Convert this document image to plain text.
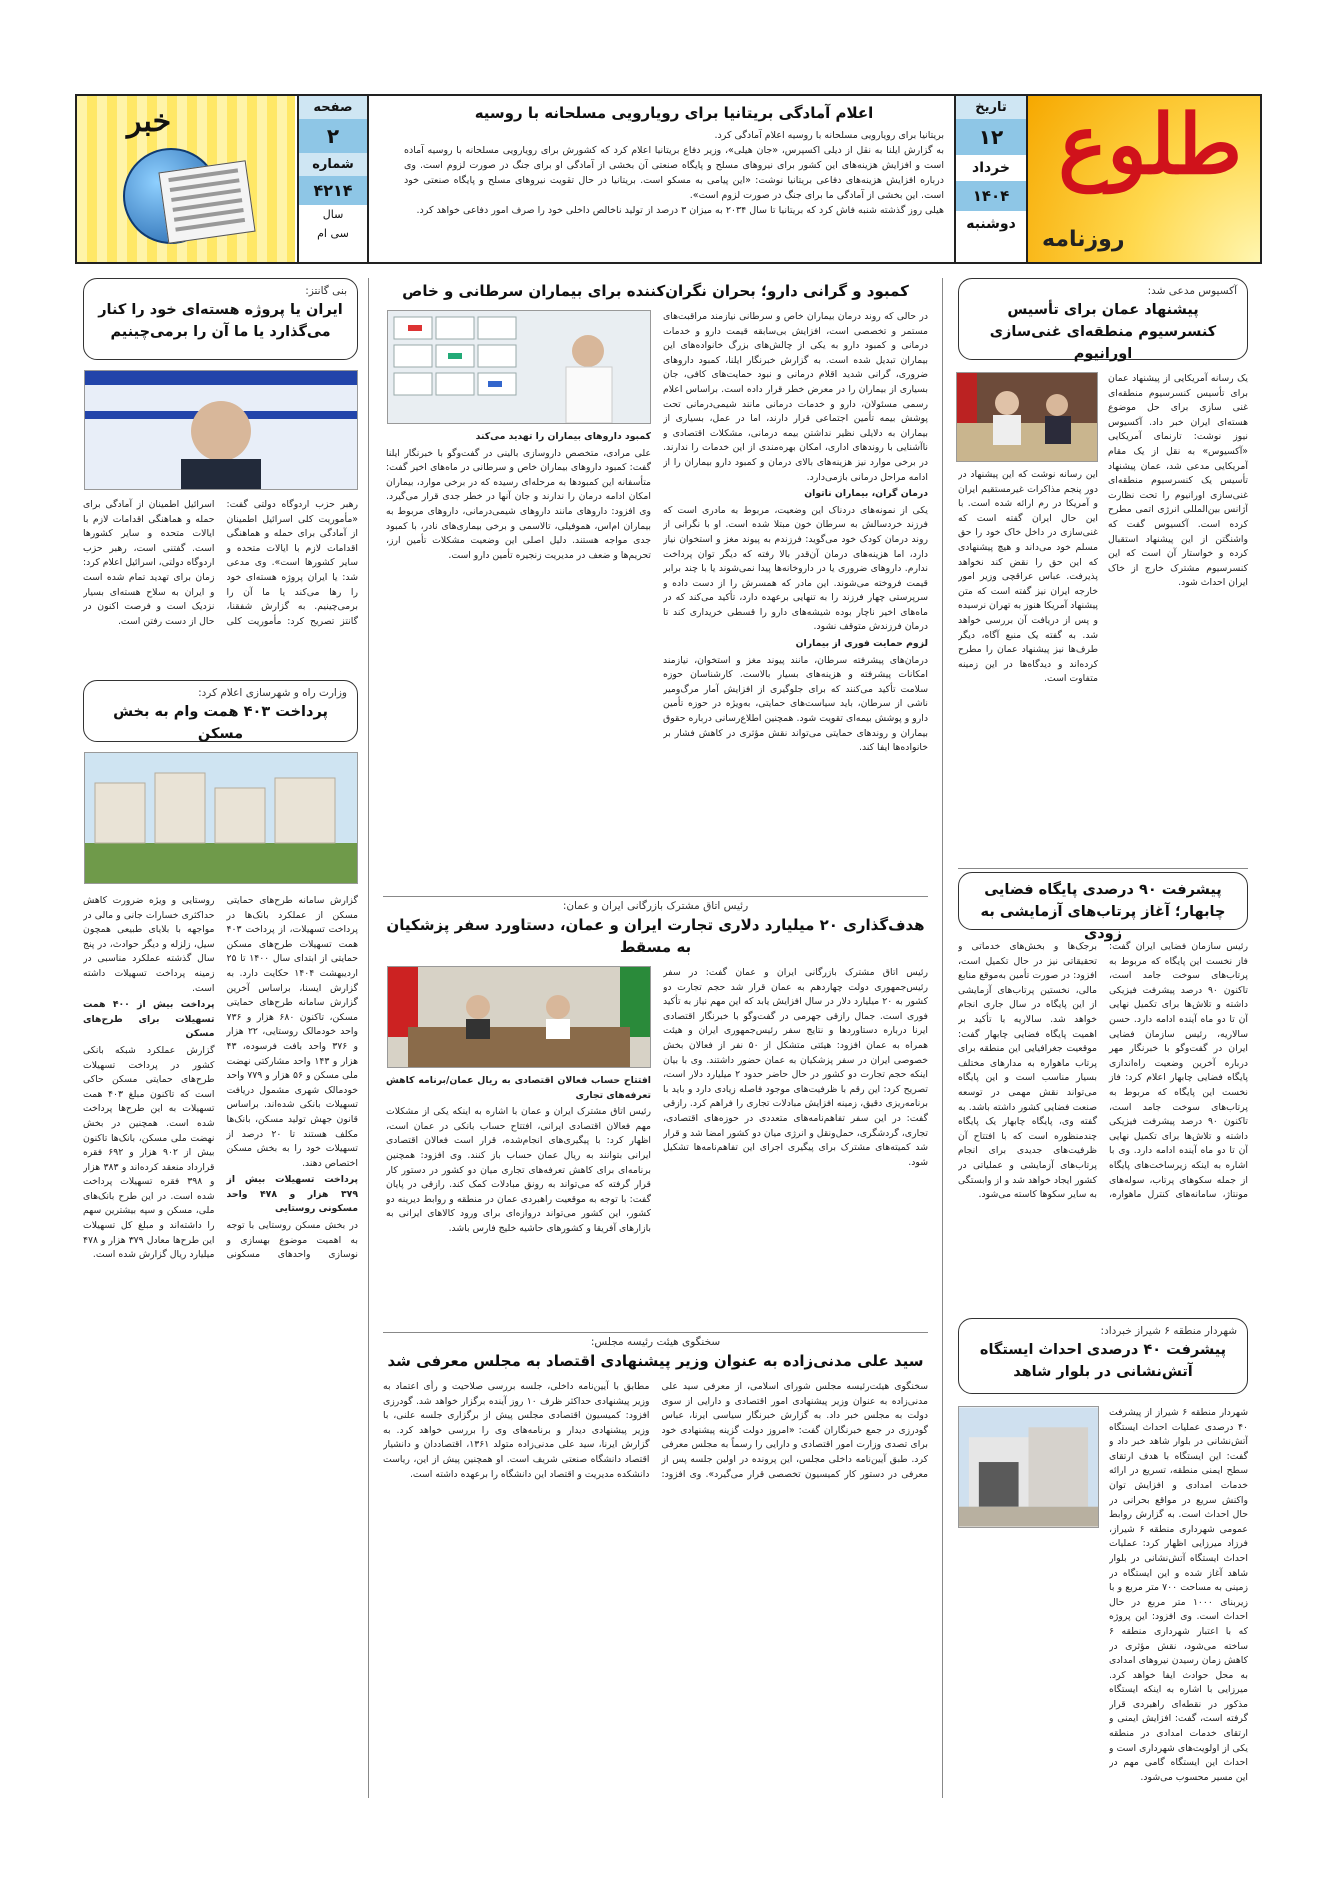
طلوع
روزنامه
تاریخ
۱۲
خرداد
۱۴۰۴
دوشنبه
اعلام آمادگی بریتانیا برای رویارویی مسلحانه با روسیه

بریتانیا برای رویارویی مسلحانه با روسیه اعلام آمادگی کرد.

به گزارش ایلنا به نقل از دیلی اکسپرس، «جان هیلی»، وزیر دفاع بریتانیا اعلام کرد که کشورش برای رویارویی مسلحانه با روسیه آماده است و افزایش هزینه‌های این کشور برای نیروهای مسلح و پایگاه صنعتی آن بخشی از آمادگی او برای جنگ در صورت لزوم است. وی درباره افزایش هزینه‌های دفاعی بریتانیا نوشت: «این پیامی به مسکو است. بریتانیا در حال تقویت نیروهای مسلح و پایگاه صنعتی خود است. این بخشی از آمادگی ما برای جنگ در صورت لزوم است».

هیلی روز گذشته شنبه فاش کرد که بریتانیا تا سال ۲۰۳۴ به میزان ۳ درصد از تولید ناخالص داخلی خود را صرف امور دفاعی خواهد کرد.

صفحه
۲
شماره
۴۲۱۴
سال
سی ام
خبر
آکسیوس مدعی شد:
پیشنهاد عمان برای تأسیس کنسرسیوم منطقه‌ای غنی‌سازی اورانیوم
یک رسانه آمریکایی از پیشنهاد عمان برای تأسیس کنسرسیوم منطقه‌ای غنی سازی برای حل موضوع هسته‌ای ایران خبر داد. آکسیوس نیوز نوشت: تارنمای آمریکایی «آکسیوس» به نقل از یک مقام آمریکایی مدعی شد، عمان پیشنهاد تأسیس یک کنسرسیوم منطقه‌ای غنی‌سازی اورانیوم را تحت نظارت آژانس بین‌المللی انرژی اتمی مطرح کرده است. آکسیوس گفت که واشنگتن از این پیشنهاد استقبال کرده و خواستار آن است که این کنسرسیوم مشترک خارج از خاک ایران احداث شود.
این رسانه نوشت که این پیشنهاد در دور پنجم مذاکرات غیرمستقیم ایران و آمریکا در رم ارائه شده است. با این حال ایران گفته است که غنی‌سازی در داخل خاک خود را حق مسلم خود می‌داند و هیچ پیشنهادی که این حق را نقض کند نخواهد پذیرفت. عباس عراقچی وزیر امور خارجه ایران نیز گفته است که متن پیشنهاد آمریکا هنوز به تهران نرسیده و پس از دریافت آن بررسی خواهد شد. به گفته یک منبع آگاه، دیگر طرف‌ها نیز پیشنهاد عمان را مطرح کرده‌اند و دیدگاه‌ها در این زمینه متفاوت است.
پیشرفت ۹۰ درصدی پایگاه فضایی چابهار؛ آغاز پرتاب‌های آزمایشی به زودی
رئیس سازمان فضایی ایران گفت: فاز نخست این پایگاه که مربوط به پرتاب‌های سوخت جامد است، تاکنون ۹۰ درصد پیشرفت فیزیکی داشته و تلاش‌ها برای تکمیل نهایی آن تا دو ماه آینده ادامه دارد. حسن سالاریه، رئیس سازمان فضایی ایران در گفت‌وگو با خبرنگار مهر درباره آخرین وضعیت راه‌اندازی پایگاه فضایی چابهار اعلام کرد: فاز نخست این پایگاه که مربوط به پرتاب‌های سوخت جامد است، تاکنون ۹۰ درصد پیشرفت فیزیکی داشته و تلاش‌ها برای تکمیل نهایی آن تا دو ماه آینده ادامه دارد. وی با اشاره به اینکه زیرساخت‌های پایگاه از جمله سکوهای پرتاب، سوله‌های مونتاژ، سامانه‌های کنترل ماهواره، برجک‌ها و بخش‌های خدماتی و تحقیقاتی نیز در حال تکمیل است، افزود: در صورت تأمین به‌موقع منابع مالی، نخستین پرتاب‌های آزمایشی از این پایگاه در سال جاری انجام خواهد شد. سالاریه با تأکید بر اهمیت پایگاه فضایی چابهار گفت: موقعیت جغرافیایی این منطقه برای پرتاب ماهواره به مدارهای مختلف بسیار مناسب است و این پایگاه می‌تواند نقش مهمی در توسعه صنعت فضایی کشور داشته باشد. به گفته وی، پایگاه چابهار یک پایگاه چندمنظوره است که با افتتاح آن ظرفیت‌های جدیدی برای انجام پرتاب‌های آزمایشی و عملیاتی در کشور ایجاد خواهد شد و از وابستگی به سایر سکوها کاسته می‌شود.
شهردار منطقه ۶ شیراز خبرداد:
پیشرفت ۴۰ درصدی احداث ایستگاه آتش‌نشانی در بلوار شاهد
شهردار منطقه ۶ شیراز از پیشرفت ۴۰ درصدی عملیات احداث ایستگاه آتش‌نشانی در بلوار شاهد خبر داد و گفت: این ایستگاه با هدف ارتقای سطح ایمنی منطقه، تسریع در ارائه خدمات امدادی و افزایش توان واکنش سریع در مواقع بحرانی در حال احداث است. به گزارش روابط عمومی شهرداری منطقه ۶ شیراز، فرزاد میرزایی اظهار کرد: عملیات احداث ایستگاه آتش‌نشانی در بلوار شاهد آغاز شده و این ایستگاه در زمینی به مساحت ۷۰۰ متر مربع و با زیربنای ۱۰۰۰ متر مربع در حال احداث است. وی افزود: این پروژه که با اعتبار شهرداری منطقه ۶ ساخته می‌شود، نقش مؤثری در کاهش زمان رسیدن نیروهای امدادی به محل حوادث ایفا خواهد کرد. میرزایی با اشاره به اینکه ایستگاه مذکور در نقطه‌ای راهبردی قرار گرفته است، گفت: افزایش ایمنی و ارتقای خدمات امدادی در منطقه یکی از اولویت‌های شهرداری است و احداث این ایستگاه گامی مهم در این مسیر محسوب می‌شود.
کمبود و گرانی دارو؛ بحران نگران‌کننده برای بیماران سرطانی و خاص

در حالی که روند درمان بیماران خاص و سرطانی نیازمند مراقبت‌های مستمر و تخصصی است، افزایش بی‌سابقه قیمت دارو و خدمات درمانی و کمبود دارو به یکی از چالش‌های بزرگ خانواده‌های این بیماران تبدیل شده است. به گزارش خبرنگار ایلنا، کمبود داروهای ضروری، گرانی شدید اقلام درمانی و نبود حمایت‌های کافی، جان بسیاری از بیماران را در معرض خطر قرار داده است. براساس اعلام رسمی مسئولان، دارو و خدمات درمانی مانند شیمی‌درمانی تحت پوشش بیمه تأمین اجتماعی قرار دارند، اما در عمل، بسیاری از بیماران به دلایلی نظیر نداشتن بیمه درمانی، مشکلات اقتصادی و ناآشنایی با روندهای اداری، امکان بهره‌مندی از این خدمات را ندارند. در برخی موارد نیز هزینه‌های بالای درمان و کمبود دارو بیماران را از ادامه مراحل درمانی بازمی‌دارد.

درمان گران، بیماران ناتوان

یکی از نمونه‌های دردناک این وضعیت، مربوط به مادری است که فرزند خردسالش به سرطان خون مبتلا شده است. او با نگرانی از روند درمان کودک خود می‌گوید: فرزندم به پیوند مغز و استخوان نیاز دارد، اما هزینه‌های درمان آن‌قدر بالا رفته که دیگر توان پرداخت ندارم. داروهای ضروری یا در داروخانه‌ها پیدا نمی‌شوند یا با چند برابر قیمت فروخته می‌شوند. این مادر که همسرش را از دست داده و سرپرستی چهار فرزند را به تنهایی برعهده دارد، تأکید می‌کند که در ماه‌های اخیر ناچار بوده شیشه‌های دارو را قسطی خریداری کند تا درمان فرزندش متوقف نشود.

لزوم حمایت فوری از بیماران

درمان‌های پیشرفته سرطان، مانند پیوند مغز و استخوان، نیازمند امکانات پیشرفته و هزینه‌های بسیار بالاست. کارشناسان حوزه سلامت تأکید می‌کنند که برای جلوگیری از افزایش آمار مرگ‌ومیر ناشی از سرطان، باید سیاست‌های حمایتی، به‌ویژه در حوزه تأمین دارو و پوشش بیمه‌ای تقویت شود. همچنین اطلاع‌رسانی درباره حقوق بیماران و روندهای حمایتی می‌تواند نقش مؤثری در کاهش فشار بر خانواده‌ها ایفا کند.

کمبود داروهای بیماران را تهدید می‌کند

علی مرادی، متخصص داروسازی بالینی در گفت‌وگو با خبرنگار ایلنا گفت: کمبود داروهای بیماران خاص و سرطانی در ماه‌های اخیر گفت: متأسفانه این کمبودها به مرحله‌ای رسیده که در برخی موارد، بیماران امکان ادامه درمان را ندارند و جان آنها در خطر جدی قرار می‌گیرد. وی افزود: داروهای مانند داروهای شیمی‌درمانی، داروهای مربوط به بیماران ام‌اس، هموفیلی، تالاسمی و برخی بیماری‌های نادر، با کمبود جدی مواجه هستند. دلیل اصلی این وضعیت مشکلات تأمین ارز، تحریم‌ها و ضعف در مدیریت زنجیره تأمین دارو است.

رئیس اتاق مشترک بازرگانی ایران و عمان:
هدف‌گذاری ۲۰ میلیارد دلاری تجارت ایران و عمان، دستاورد سفر پزشکیان به مسقط
رئیس اتاق مشترک بازرگانی ایران و عمان گفت: در سفر رئیس‌جمهوری دولت چهاردهم به عمان قرار شد حجم تجارت دو کشور به ۲۰ میلیارد دلار در سال افزایش یابد که این مهم نیاز به تأکید فوری است. جمال رازقی جهرمی در گفت‌وگو با خبرنگار اقتصادی ایرنا درباره دستاوردها و نتایج سفر رئیس‌جمهوری ایران و هیئت همراه به عمان افزود: هیئتی متشکل از ۵۰ نفر از فعالان بخش خصوصی ایران در سفر پزشکیان به عمان حضور داشتند. وی با بیان اینکه حجم تجارت دو کشور در حال حاضر حدود ۲ میلیارد دلار است، تصریح کرد: این رقم با ظرفیت‌های موجود فاصله زیادی دارد و باید با برنامه‌ریزی دقیق، زمینه افزایش مبادلات تجاری را فراهم کرد. رازقی گفت: در این سفر تفاهم‌نامه‌های متعددی در حوزه‌های اقتصادی، تجاری، گردشگری، حمل‌ونقل و انرژی میان دو کشور امضا شد و قرار شد کمیته‌های مشترک برای پیگیری اجرای این تفاهم‌نامه‌ها تشکیل شود.

افتتاح حساب فعالان اقتصادی به ریال عمان/برنامه کاهش تعرفه‌های تجاری

رئیس اتاق مشترک ایران و عمان با اشاره به اینکه یکی از مشکلات مهم فعالان اقتصادی ایرانی، افتتاح حساب بانکی در عمان است، اظهار کرد: با پیگیری‌های انجام‌شده، قرار است فعالان اقتصادی ایرانی بتوانند به ریال عمان حساب باز کنند. وی افزود: همچنین برنامه‌ای برای کاهش تعرفه‌های تجاری میان دو کشور در دستور کار قرار گرفته که می‌تواند به رونق مبادلات کمک کند. رازقی در پایان گفت: با توجه به موقعیت راهبردی عمان در منطقه و روابط دیرینه دو کشور، این کشور می‌تواند دروازه‌ای برای ورود کالاهای ایرانی به بازارهای آفریقا و کشورهای حاشیه خلیج فارس باشد.

سخنگوی هیئت رئیسه مجلس:
سید علی مدنی‌زاده به عنوان وزیر پیشنهادی اقتصاد به مجلس معرفی شد
سخنگوی هیئت‌رئیسه مجلس شورای اسلامی، از معرفی سید علی مدنی‌زاده به عنوان وزیر پیشنهادی امور اقتصادی و دارایی از سوی دولت به مجلس خبر داد. به گزارش خبرنگار سیاسی ایرنا، عباس گودرزی در جمع خبرنگاران گفت: «امروز دولت گزینه پیشنهادی خود برای تصدی وزارت امور اقتصادی و دارایی را رسماً به مجلس معرفی کرد. طبق آیین‌نامه داخلی مجلس، این پرونده در اولین جلسه پس از معرفی در دستور کار کمیسیون تخصصی قرار می‌گیرد». وی افزود: مطابق با آیین‌نامه داخلی، جلسه بررسی صلاحیت و رأی اعتماد به وزیر پیشنهادی حداکثر ظرف ۱۰ روز آینده برگزار خواهد شد. گودرزی افزود: کمیسیون اقتصادی مجلس پیش از برگزاری جلسه علنی، با وزیر پیشنهادی دیدار و برنامه‌های وی را بررسی خواهد کرد. به گزارش ایرنا، سید علی مدنی‌زاده متولد ۱۳۶۱، اقتصاددان و دانشیار اقتصاد دانشگاه صنعتی شریف است. او همچنین پیش از این، ریاست دانشکده مدیریت و اقتصاد این دانشگاه را برعهده داشته است.
بنی گانتز:
ایران یا پروژه هسته‌ای خود را کنار می‌گذارد یا ما آن را برمی‌چینیم
رهبر حزب اردوگاه دولتی گفت: «مأموریت کلی اسرائیل اطمینان از آمادگی برای حمله و هماهنگی اقدامات لازم با ایالات متحده و سایر کشورها است». وی مدعی شد: یا ایران پروژه هسته‌ای خود را رها می‌کند یا ما آن را برمی‌چینیم. به گزارش شفقنا، گانتز تصریح کرد: مأموریت کلی اسرائیل اطمینان از آمادگی برای حمله و هماهنگی اقدامات لازم با ایالات متحده و سایر کشورها است. گفتنی است، رهبر حزب اردوگاه دولتی، اسرائیل اعلام کرد: زمان برای تهدید تمام شده است و ایران به سلاح هسته‌ای بسیار نزدیک است و فرصت اکنون در حال از دست رفتن است.
وزارت راه و شهرسازی اعلام کرد:
پرداخت ۴۰۳ همت وام به بخش مسکن

گزارش سامانه طرح‌های حمایتی مسکن از عملکرد بانک‌ها در پرداخت تسهیلات، از پرداخت ۴۰۳ همت تسهیلات طرح‌های مسکن حمایتی از ابتدای سال ۱۴۰۰ تا ۲۵ اردیبهشت ۱۴۰۴ حکایت دارد. به گزارش ایسنا، براساس آخرین گزارش سامانه طرح‌های حمایتی مسکن، تاکنون ۶۸۰ هزار و ۷۳۶ واحد خودمالک روستایی، ۲۲ هزار و ۳۷۶ واحد بافت فرسوده، ۴۳ هزار و ۱۴۳ واحد مشارکتی نهضت ملی مسکن و ۵۶ هزار و ۷۷۹ واحد خودمالک شهری مشمول دریافت تسهیلات بانکی شده‌اند. براساس قانون جهش تولید مسکن، بانک‌ها مکلف هستند تا ۲۰ درصد از تسهیلات خود را به بخش مسکن اختصاص دهند.

پرداخت تسهیلات بیش از ۳۷۹ هزار و ۴۷۸ واحد مسکونی روستایی

در بخش مسکن روستایی با توجه به اهمیت موضوع بهسازی و نوسازی واحدهای مسکونی روستایی و ویژه ضرورت کاهش حداکثری خسارات جانی و مالی در مواجهه با بلایای طبیعی همچون سیل، زلزله و دیگر حوادث، در پنج سال گذشته عملکرد مناسبی در زمینه پرداخت تسهیلات داشته است.

پرداخت بیش از ۴۰۰ همت تسهیلات برای طرح‌های مسکن

گزارش عملکرد شبکه بانکی کشور در پرداخت تسهیلات طرح‌های حمایتی مسکن حاکی است که تاکنون مبلغ ۴۰۳ همت تسهیلات به این طرح‌ها پرداخت شده است. همچنین در بخش نهضت ملی مسکن، بانک‌ها تاکنون بیش از ۹۰۲ هزار و ۶۹۲ فقره قرارداد منعقد کرده‌اند و ۳۸۳ هزار و ۳۹۸ فقره تسهیلات پرداخت شده است. در این طرح بانک‌های ملی، مسکن و سپه بیشترین سهم را داشته‌اند و مبلغ کل تسهیلات این طرح‌ها معادل ۳۷۹ هزار و ۴۷۸ میلیارد ریال گزارش شده است.
